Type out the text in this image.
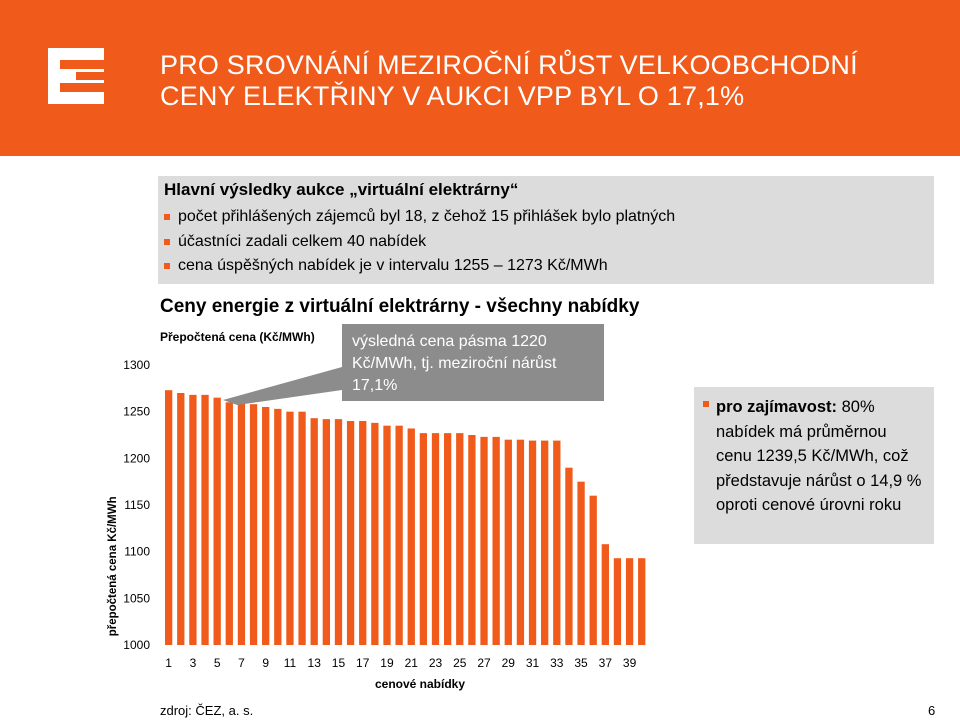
PRO SROVNÁNÍ MEZIROČNÍ RŮST VELKOOBCHODNÍ
CENY ELEKTŘINY V AUKCI VPP BYL O 17,1%
Hlavní výsledky aukce „virtuální elektrárny“
počet přihlášených zájemců byl 18, z čehož 15 přihlášek bylo platných
účastníci zadali celkem 40 nabídek
cena úspěšných nabídek je v intervalu 1255 – 1273 Kč/MWh
Ceny energie z virtuální elektrárny - všechny nabídky
Přepočtená cena (Kč/MWh)
1000
1050
1100
1150
1200
1250
1300
přepočtená cena Kč/MWh
1 3 5 7 9 11 13 15 17 19 21 23 25 27 29 31 33 35 37 39
cenové nabídky
výsledná cena pásma 1220 Kč/MWh, tj. meziroční nárůst 17,1%
pro zajímavost: 80% nabídek má průměrnou cenu 1239,5 Kč/MWh, což představuje nárůst o 14,9 % oproti cenové úrovni roku
zdroj: ČEZ, a. s.	6
